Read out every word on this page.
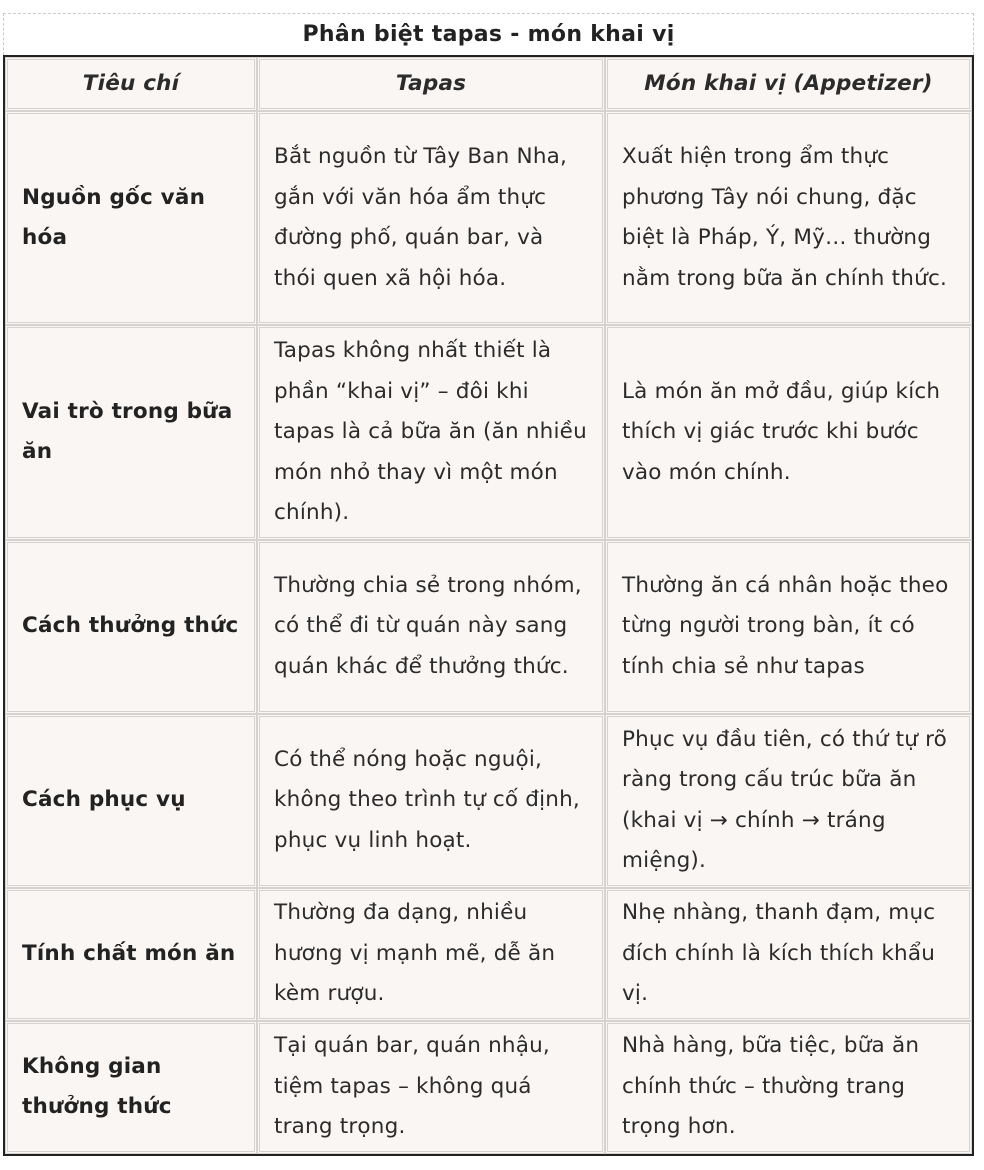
Phân biệt tapas - món khai vị
Tiêu chí	Tapas	Món khai vị (Appetizer)
Nguồn gốc văn hóa	Bắt nguồn từ Tây Ban Nha, gắn với văn hóa ẩm thực đường phố, quán bar, và thói quen xã hội hóa.	Xuất hiện trong ẩm thực phương Tây nói chung, đặc biệt là Pháp, Ý, Mỹ… thường nằm trong bữa ăn chính thức.
Vai trò trong bữa ăn	Tapas không nhất thiết là phần “khai vị” – đôi khi tapas là cả bữa ăn (ăn nhiều món nhỏ thay vì một món chính).	Là món ăn mở đầu, giúp kích thích vị giác trước khi bước vào món chính.
Cách thưởng thức	Thường chia sẻ trong nhóm, có thể đi từ quán này sang quán khác để thưởng thức.	Thường ăn cá nhân hoặc theo từng người trong bàn, ít có tính chia sẻ như tapas
Cách phục vụ	Có thể nóng hoặc nguội, không theo trình tự cố định, phục vụ linh hoạt.	Phục vụ đầu tiên, có thứ tự rõ ràng trong cấu trúc bữa ăn (khai vị → chính → tráng miệng).
Tính chất món ăn	Thường đa dạng, nhiều hương vị mạnh mẽ, dễ ăn kèm rượu.	Nhẹ nhàng, thanh đạm, mục đích chính là kích thích khẩu vị.
Không gian thưởng thức	Tại quán bar, quán nhậu, tiệm tapas – không quá trang trọng.	Nhà hàng, bữa tiệc, bữa ăn chính thức – thường trang trọng hơn.
